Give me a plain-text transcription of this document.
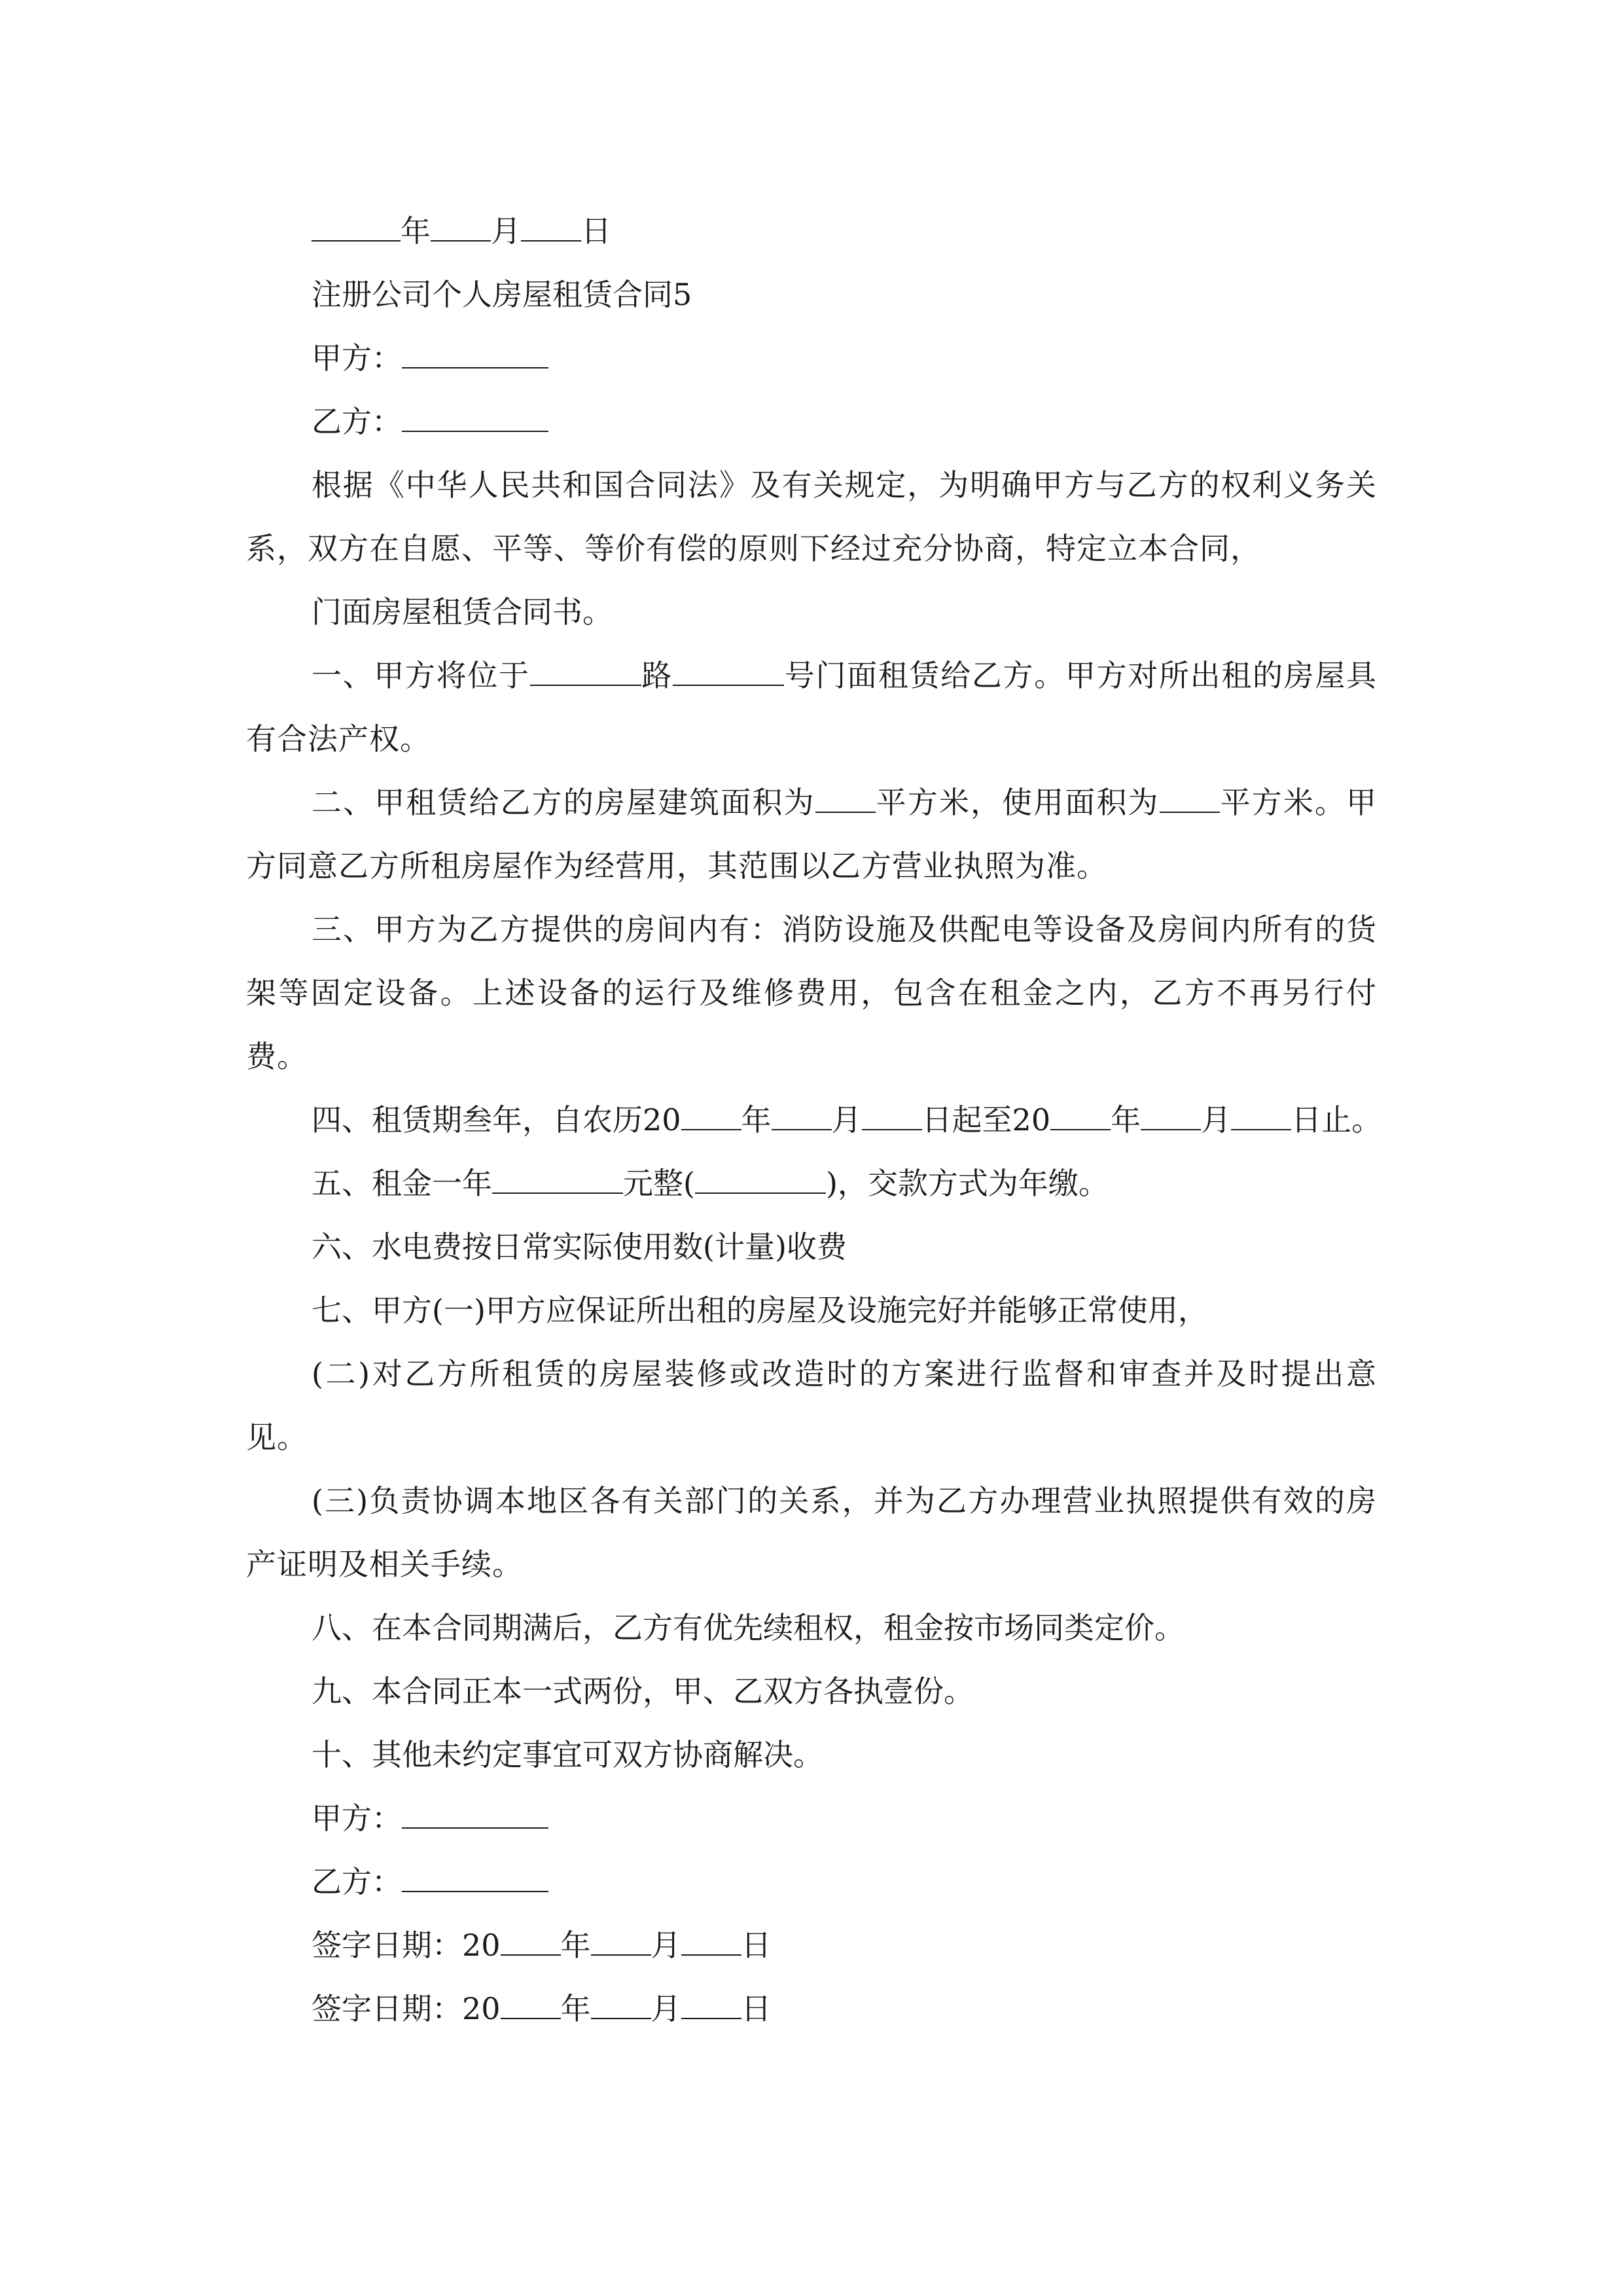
年 月 日
注册公司个人房屋租赁合同5
甲方：
乙方：
根据《中华人民共和国合同法》及有关规定，为明确甲方与乙方的权利义务关系，双方在自愿、平等、等价有偿的原则下经过充分协商，特定立本合同，
门面房屋租赁合同书。
一、甲方将位于	路	号门面租赁给乙方。甲方对所出租的房屋具有合法产权。
二、甲租赁给乙方的房屋建筑面积为 平方米，使用面积为 平方米。甲方同意乙方所租房屋作为经营用，其范围以乙方营业执照为准。
三、甲方为乙方提供的房间内有：消防设施及供配电等设备及房间内所有的货架等固定设备。上述设备的运行及维修费用，包含在租金之内，乙方不再另行付费。
四、租赁期叁年，自农历20 年 月 日起至20 年 月 日止。
五、租金一年	元整(	)，交款方式为年缴。
六、水电费按日常实际使用数(计量)收费
七、甲方(一)甲方应保证所出租的房屋及设施完好并能够正常使用，
(二)对乙方所租赁的房屋装修或改造时的方案进行监督和审查并及时提出意见。
(三)负责协调本地区各有关部门的关系，并为乙方办理营业执照提供有效的房产证明及相关手续。
八、在本合同期满后，乙方有优先续租权，租金按市场同类定价。
九、本合同正本一式两份，甲、乙双方各执壹份。
十、其他未约定事宜可双方协商解决。
甲方：
乙方：
签字日期：20 年 月 日
签字日期：20 年 月 日
